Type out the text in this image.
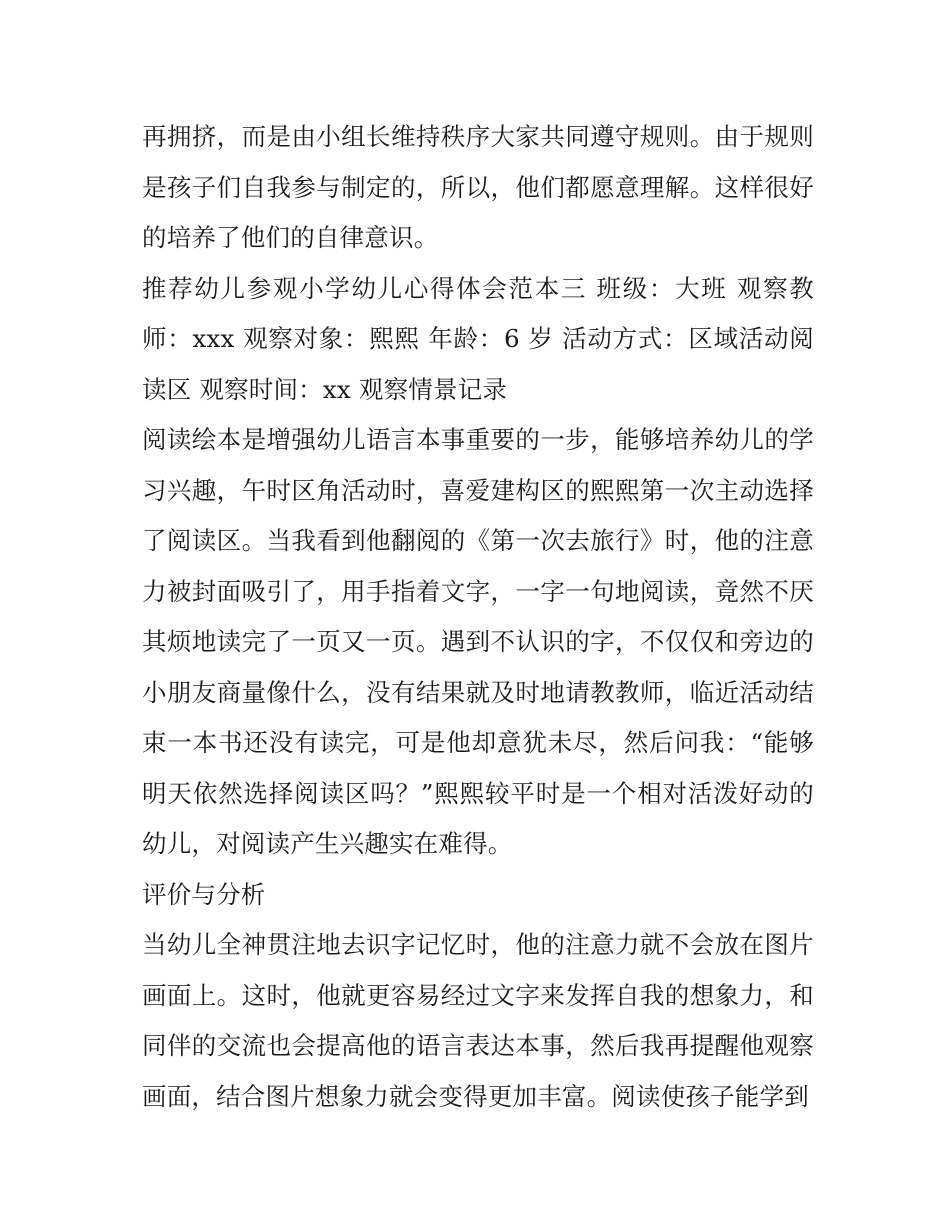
再拥挤，而是由小组长维持秩序大家共同遵守规则。由于规则是孩子们自我参与制定的，所以，他们都愿意理解。这样很好的培养了他们的自律意识。

推荐幼儿参观小学幼儿心得体会范本三 班级：大班 观察教师：xxx 观察对象：熙熙 年龄：6 岁 活动方式：区域活动阅读区 观察时间：xx 观察情景记录

阅读绘本是增强幼儿语言本事重要的一步，能够培养幼儿的学习兴趣，午时区角活动时，喜爱建构区的熙熙第一次主动选择了阅读区。当我看到他翻阅的《第一次去旅行》时，他的注意力被封面吸引了，用手指着文字，一字一句地阅读，竟然不厌其烦地读完了一页又一页。遇到不认识的字，不仅仅和旁边的小朋友商量像什么，没有结果就及时地请教教师，临近活动结束一本书还没有读完，可是他却意犹未尽，然后问我：“能够明天依然选择阅读区吗？”熙熙较平时是一个相对活泼好动的幼儿，对阅读产生兴趣实在难得。

评价与分析

当幼儿全神贯注地去识字记忆时，他的注意力就不会放在图片画面上。这时，他就更容易经过文字来发挥自我的想象力，和同伴的交流也会提高他的语言表达本事，然后我再提醒他观察画面，结合图片想象力就会变得更加丰富。阅读使孩子能学到
